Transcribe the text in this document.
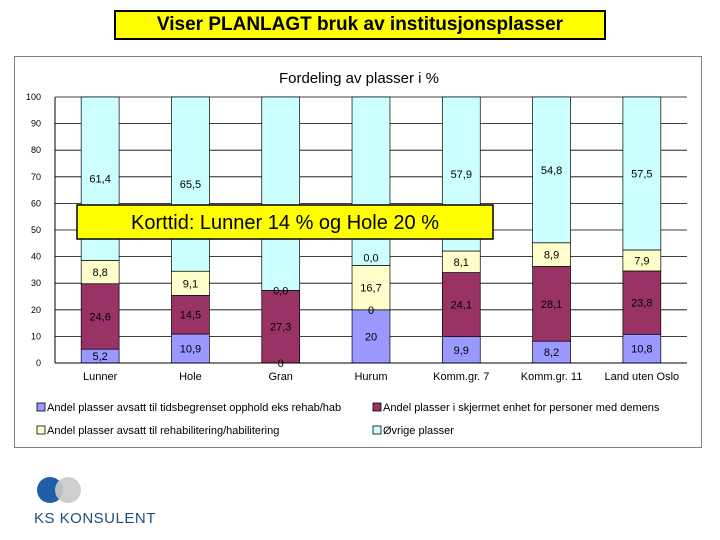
Viser PLANLAGT bruk av institusjonsplasser
Fordeling av plasser i %
5,2
24,6
8,8
61,4
10,9
14,5
9,1
65,5
0
27,3
0,0
20
0
16,7
9,9
24,1
8,1
57,9
8,2
28,1
8,9
54,8
10,8
23,8
7,9
57,5
0,0
0
10
20
30
40
50
60
70
80
90
100
Lunner	Hole	Gran	Hurum	Komm.gr. 7	Komm.gr. 11 Land uten Oslo
Andel plasser avsatt til tidsbegrenset opphold eks rehab/hab	Andel plasser i skjermet enhet for personer med demens
Andel plasser avsatt til rehabilitering/habilitering	Øvrige plasser
Korttid: Lunner 14 % og Hole 20 %
KS KONSULENT
